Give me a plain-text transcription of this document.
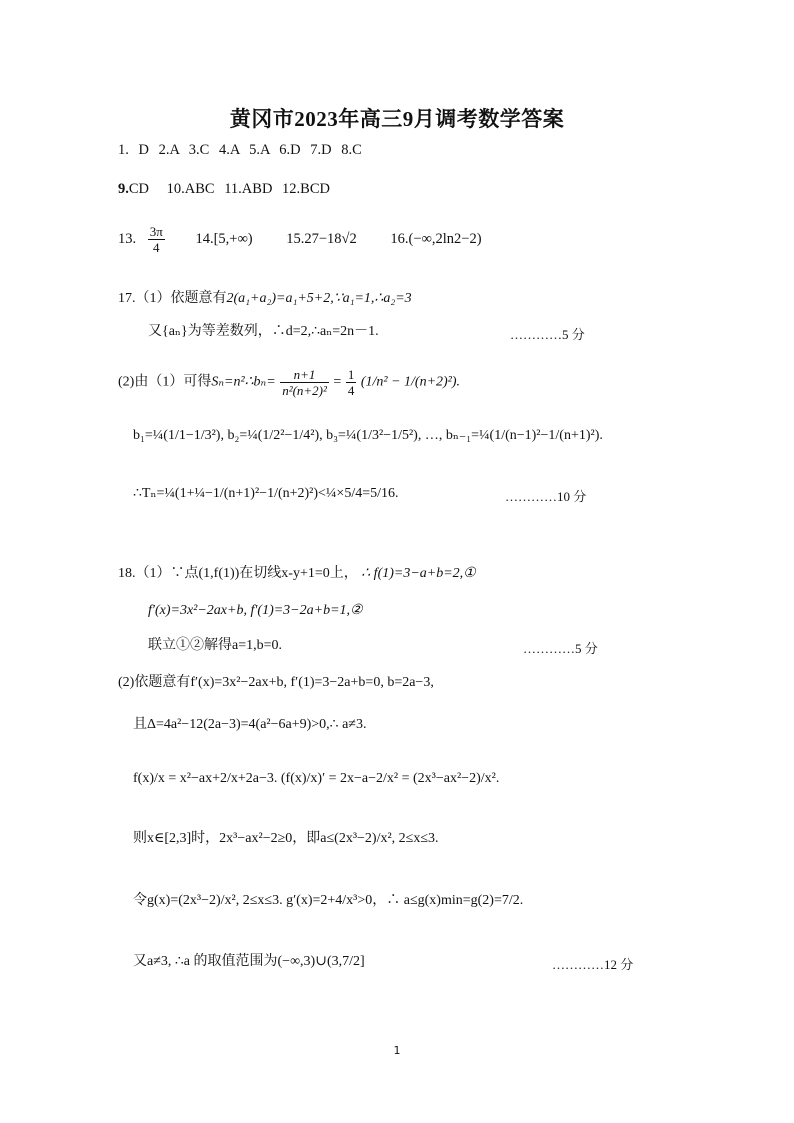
黄冈市2023年高三9月调考数学答案
1. D 2.A 3.C 4.A 5.A 6.D 7.D 8.C
9.CD 10.ABC 11.ABD 12.BCD
13. $\frac{3\pi}{4} 14.[5,+\infty)$ 15.27−18√2 16.(−∞,2ln2−2)
17.（1）依题意有2(a₁+a₂)=a₁+5+2,∵a₁=1,∴a₂=3
又{aₙ}为等差数列，∴d=2,∴aₙ=2n－1.	…………5 分
(2)由（1）可得Sₙ=n²∴bₙ= $\frac{n+1}{\text{n²(n+2)²}} = \frac{1}{4} (1/n^2 - 1/(n+2)^2)$.
b₁=¼(1/1−1/3²), b₂=¼(1/2²−1/4²), b₃=¼(1/3²−1/5²), …, bₙ₋₁=¼(1/(n−1)²−1/(n+1)²).
∴Tₙ=¼(1+¼−1/(n+1)²−1/(n+2)²)<¼×5/4=5/16.	…………10 分
18.（1）∵点(1,f(1))在切线x-y+1=0上， ∴ f(1)=3−a+b=2,①
f′(x)=3x²−2ax+b, f′(1)=3−2a+b=1,②
联立①②解得a=1,b=0.	…………5 分
(2)依题意有f′(x)=3x²−2ax+b, f′(1)=3−2a+b=0, b=2a−3,
且Δ=4a²−12(2a−3)=4(a²−6a+9)>0,∴ a≠3.
f(x)/x = x²−ax+2/x+2a−3. (f(x)/x)′ = 2x−a−2/x² = (2x³−ax²−2)/x².
则x∈[2,3]时，2x³−ax²−2≥0，即a≤(2x³−2)/x², 2≤x≤3.
令g(x)=(2x³−2)/x², 2≤x≤3. g′(x)=2+4/x³>0，∴ a≤g(x)min=g(2)=7/2.
又a≠3, ∴a 的取值范围为(−∞,3)∪(3,7/2]	…………12 分
1
